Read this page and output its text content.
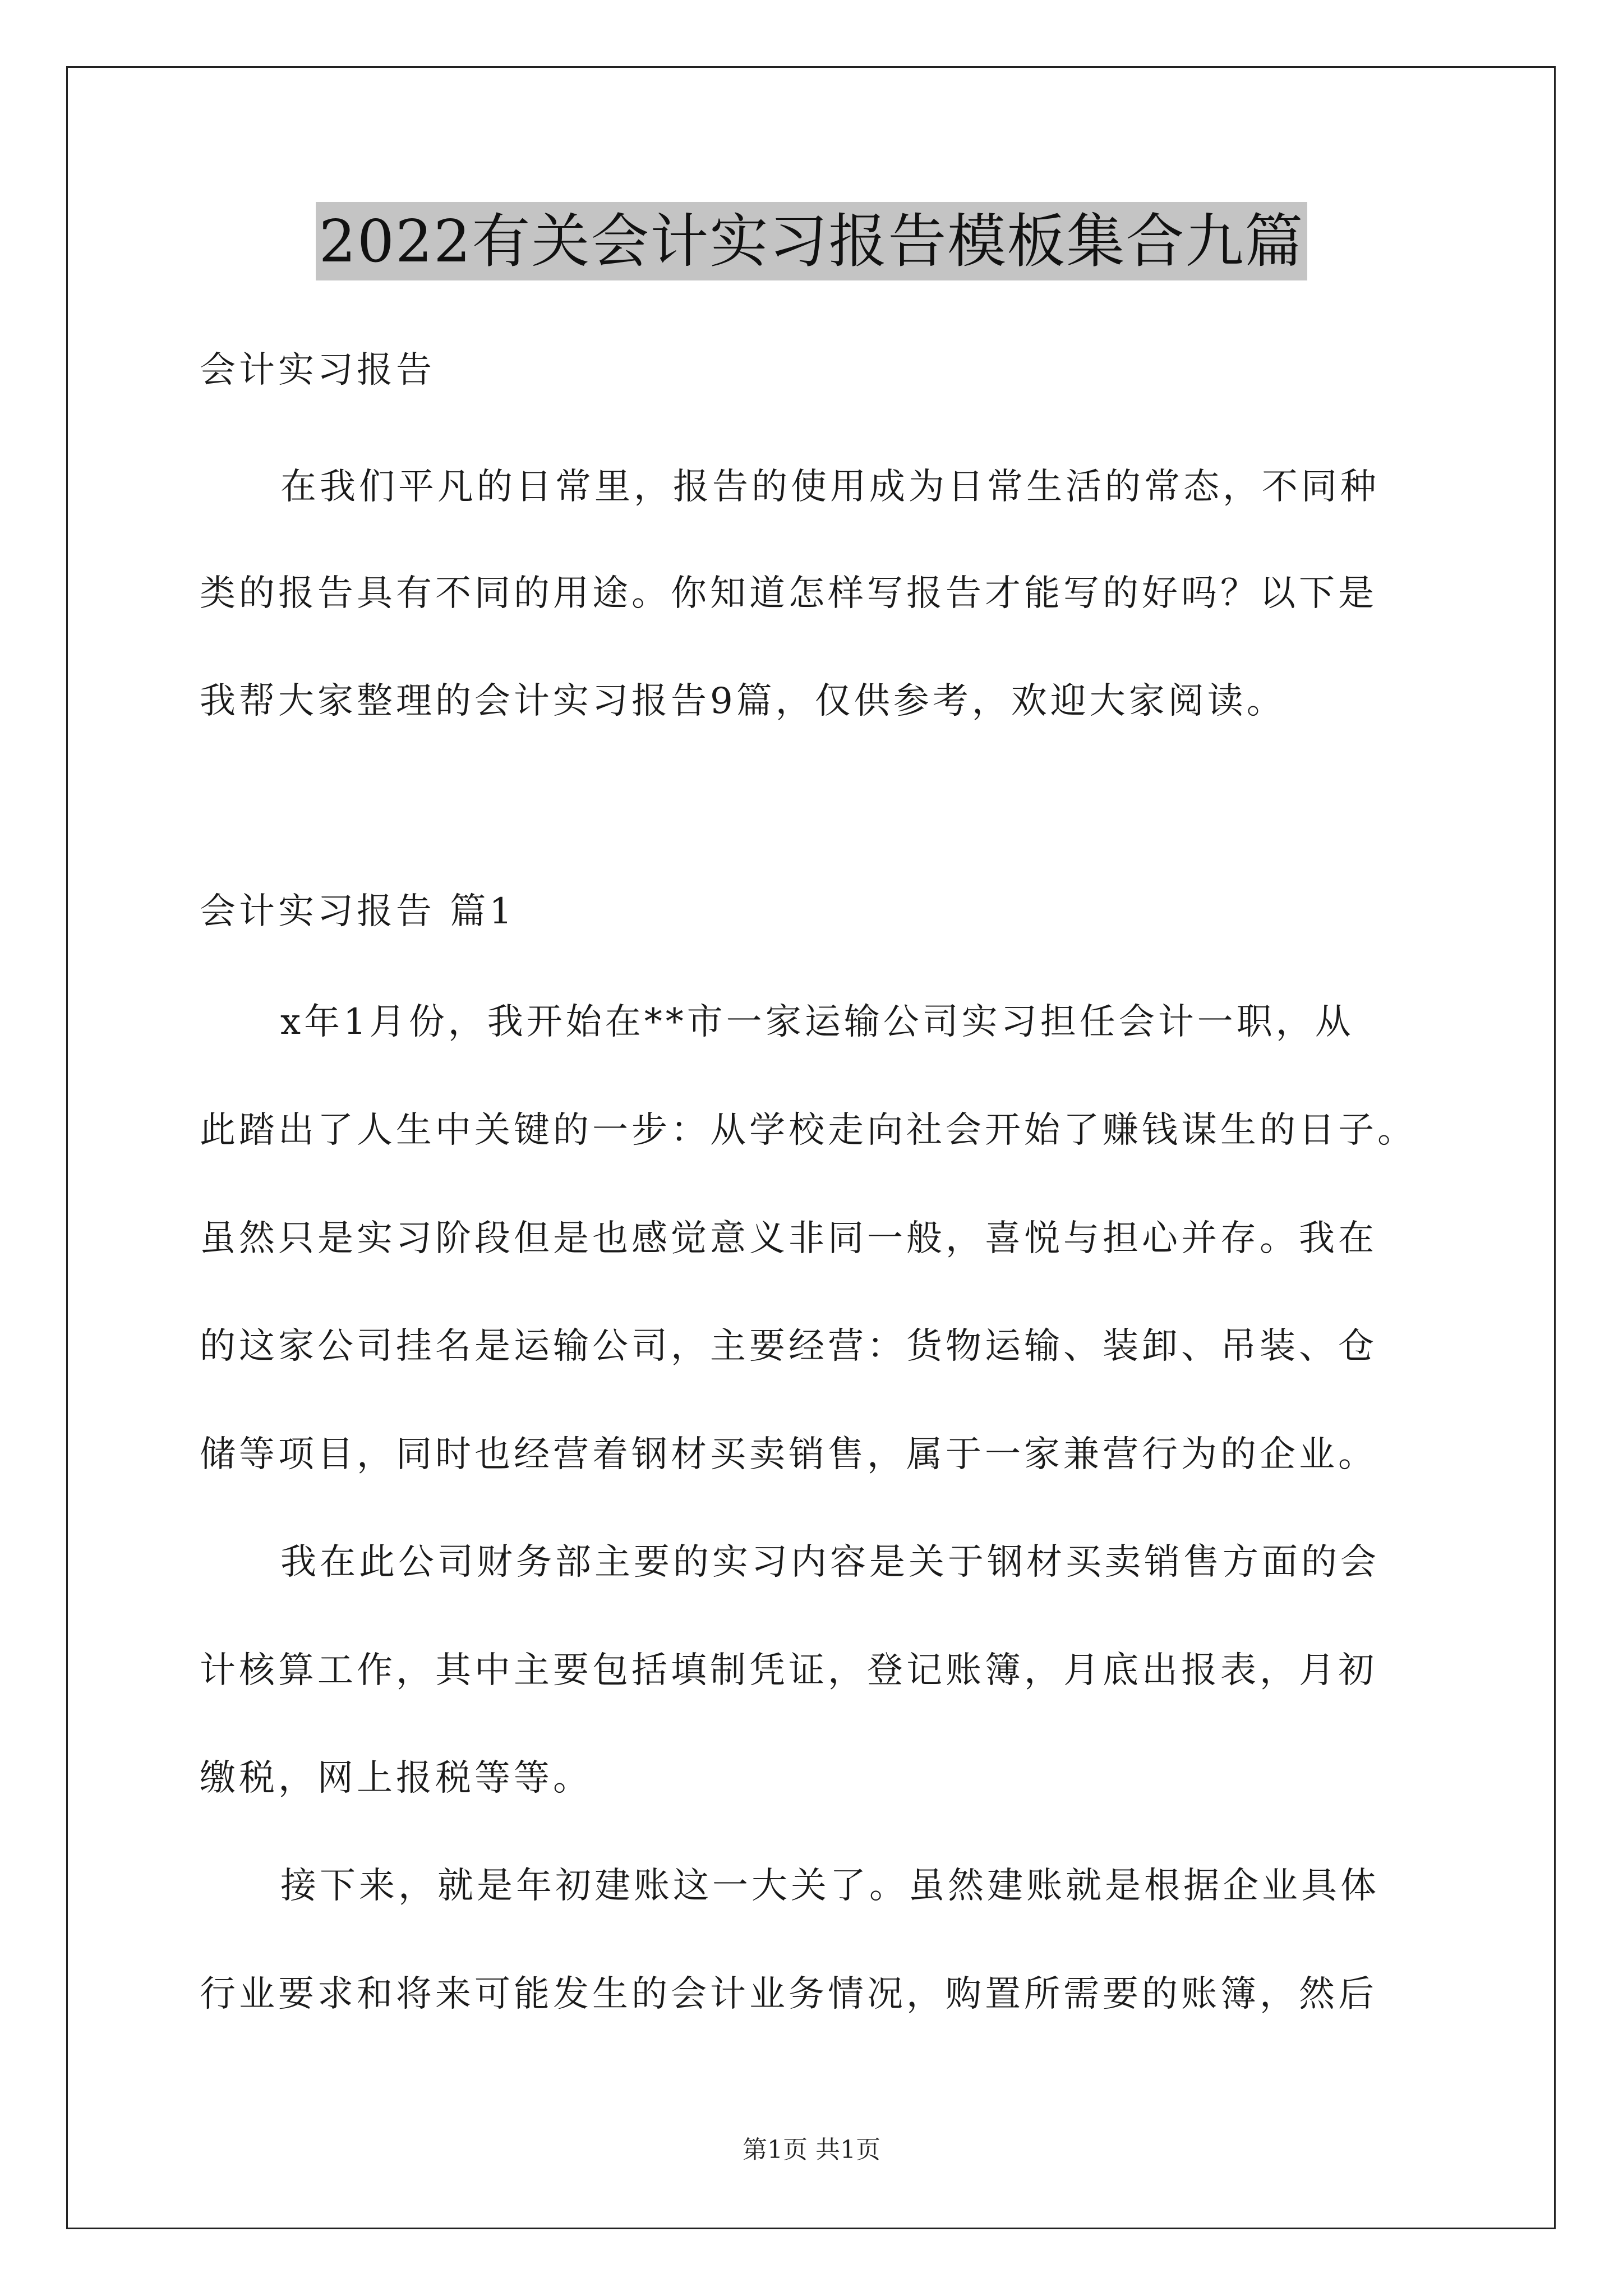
2022有关会计实习报告模板集合九篇
会计实习报告
在我们平凡的日常里，报告的使用成为日常生活的常态，不同种
类的报告具有不同的用途。你知道怎样写报告才能写的好吗？以下是
我帮大家整理的会计实习报告9篇，仅供参考，欢迎大家阅读。
会计实习报告 篇1
x年1月份，我开始在**市一家运输公司实习担任会计一职，从
此踏出了人生中关键的一步：从学校走向社会开始了赚钱谋生的日子。
虽然只是实习阶段但是也感觉意义非同一般，喜悦与担心并存。我在
的这家公司挂名是运输公司，主要经营：货物运输、装卸、吊装、仓
储等项目，同时也经营着钢材买卖销售，属于一家兼营行为的企业。
我在此公司财务部主要的实习内容是关于钢材买卖销售方面的会
计核算工作，其中主要包括填制凭证，登记账簿，月底出报表，月初
缴税，网上报税等等。
接下来，就是年初建账这一大关了。虽然建账就是根据企业具体
行业要求和将来可能发生的会计业务情况，购置所需要的账簿，然后
第1页 共1页
